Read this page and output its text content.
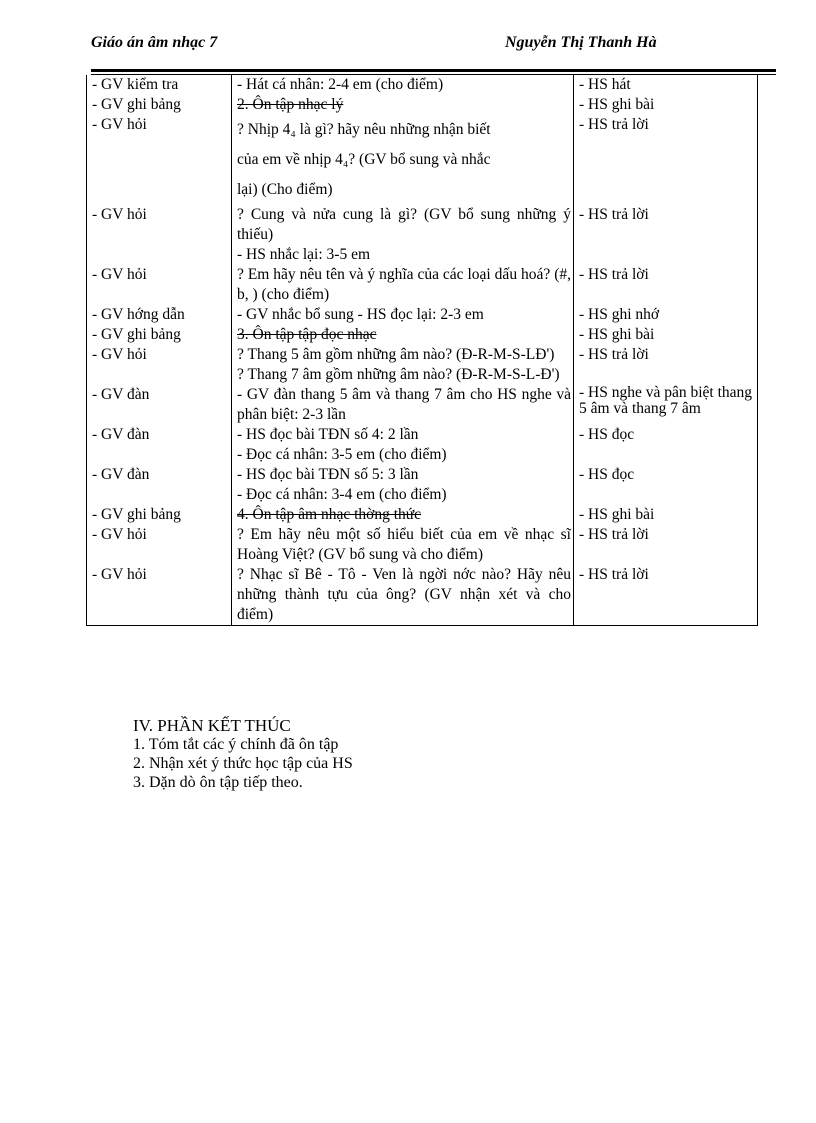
Giáo án âm nhạc 7	Nguyễn Thị Thanh Hà
- GV kiểm tra	- Hát cá nhân: 2-4 em (cho điểm)	- HS hát
- GV ghi bảng	2. Ôn tập nhạc lý	- HS ghi bài
- GV hỏi	? Nhịp 4₄ là gì? hãy nêu những nhận biết
của em về nhịp 4₄? (GV bổ sung và nhắc
lại) (Cho điểm)	- HS trả lời
- GV hỏi	? Cung và nửa cung là gì? (GV bổ sung những ý thiếu)
- HS nhắc lại: 3-5 em	- HS trả lời
- GV hỏi	? Em hãy nêu tên và ý nghĩa của các loại dấu hoá? (#, b, ) (cho điểm)	- HS trả lời
- GV hớng dẫn	- GV nhắc bổ sung - HS đọc lại: 2-3 em	- HS ghi nhớ
- GV ghi bảng	3. Ôn tập tập đọc nhạc	- HS ghi bài
- GV hỏi	? Thang 5 âm gồm những âm nào? (Đ-R-M-S-LĐ')
? Thang 7 âm gồm những âm nào? (Đ-R-M-S-L-Đ')	- HS trả lời
- GV đàn	- GV đàn thang 5 âm và thang 7 âm cho HS nghe và phân biệt: 2-3 lần	- HS nghe và pân biệt thang 5 âm và thang 7 âm
- GV đàn	- HS đọc bài TĐN số 4: 2 lần
- Đọc cá nhân: 3-5 em (cho điểm)	- HS đọc
- GV đàn	- HS đọc bài TĐN số 5: 3 lần
- Đọc cá nhân: 3-4 em (cho điểm)	- HS đọc
- GV ghi bảng	4. Ôn tập âm nhạc thờng thức	- HS ghi bài
- GV hỏi	? Em hãy nêu một số hiểu biết của em về nhạc sĩ Hoàng Việt? (GV bổ sung và cho điểm)	- HS trả lời
- GV hỏi	? Nhạc sĩ Bê - Tô - Ven là ngời nớc nào? Hãy nêu những thành tựu của ông? (GV nhận xét và cho điểm)	- HS trả lời
IV. PHẦN KẾT THÚC
1. Tóm tắt các ý chính đã ôn tập
2. Nhận xét ý thức học tập của HS
3. Dặn dò ôn tập tiếp theo.
